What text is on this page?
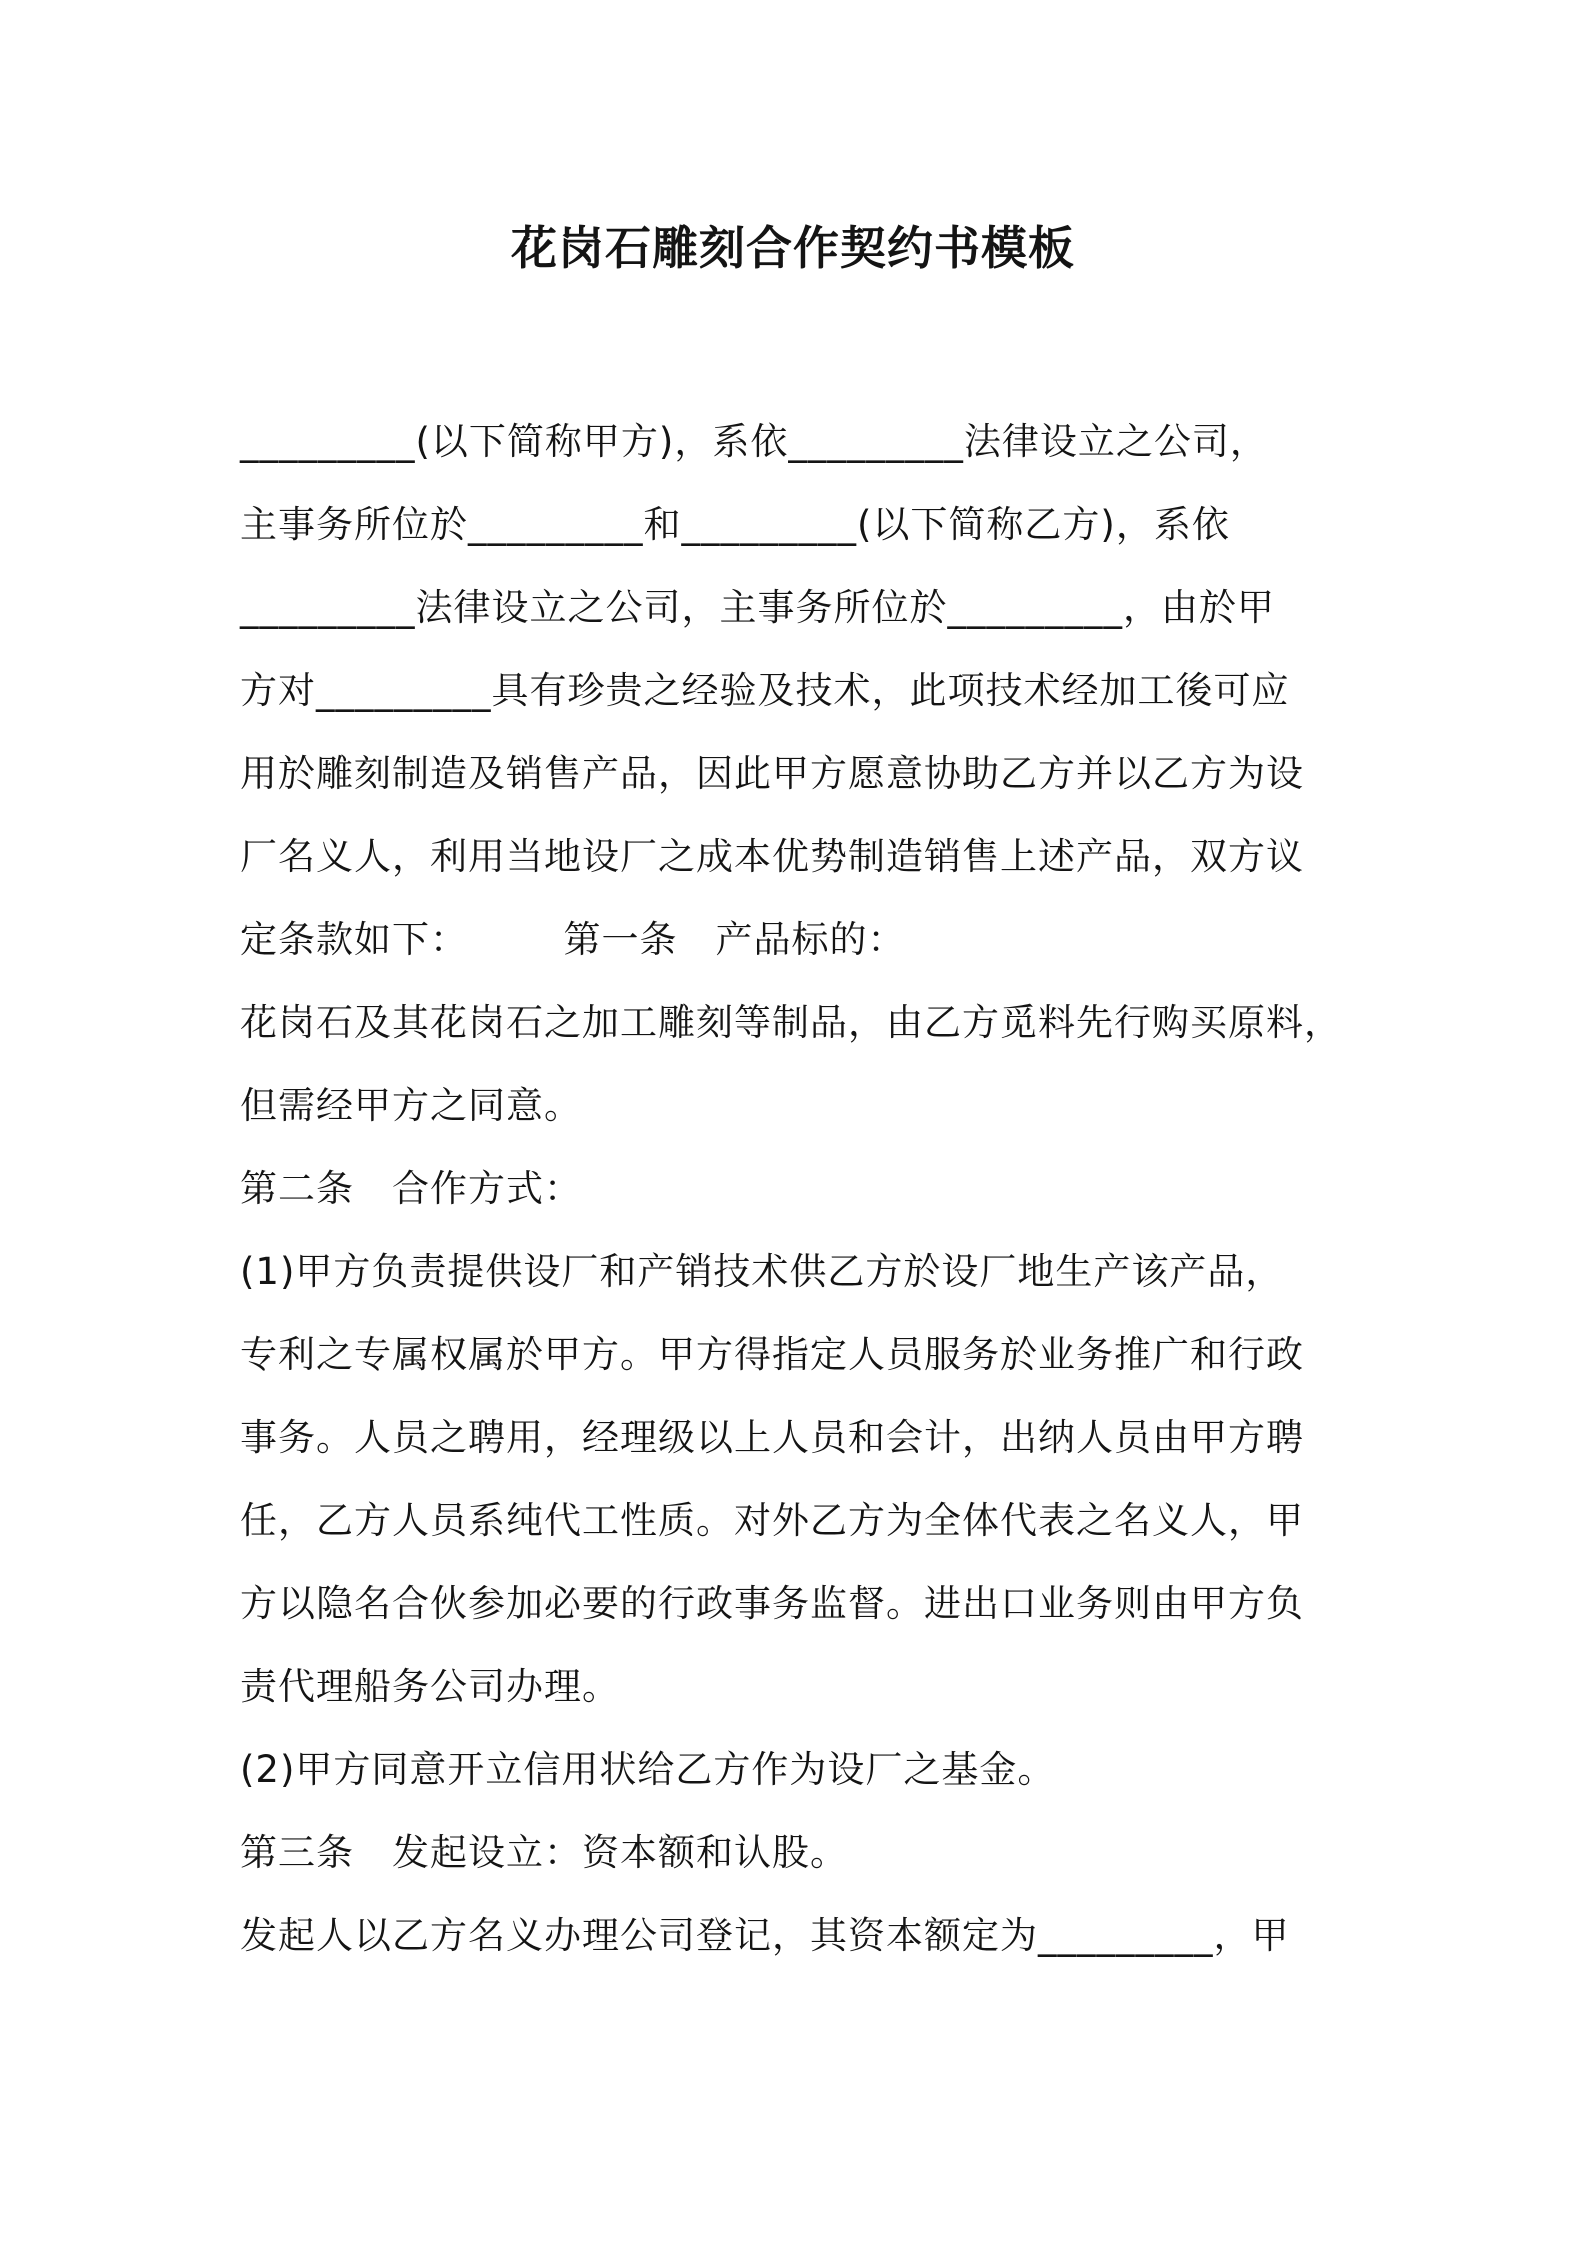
花岗石雕刻合作契约书模板
_________(以下简称甲方)，系依_________法律设立之公司，
主事务所位於_________和_________(以下简称乙方)，系依
_________法律设立之公司，主事务所位於_________，由於甲
方对_________具有珍贵之经验及技术，此项技术经加工後可应
用於雕刻制造及销售产品，因此甲方愿意协助乙方并以乙方为设
厂名义人，利用当地设厂之成本优势制造销售上述产品，双方议
定条款如下：　　　第一条　产品标的：
花岗石及其花岗石之加工雕刻等制品，由乙方觅料先行购买原料，
但需经甲方之同意。
第二条　合作方式：
(1)甲方负责提供设厂和产销技术供乙方於设厂地生产该产品，
专利之专属权属於甲方。甲方得指定人员服务於业务推广和行政
事务。人员之聘用，经理级以上人员和会计，出纳人员由甲方聘
任，乙方人员系纯代工性质。对外乙方为全体代表之名义人，甲
方以隐名合伙参加必要的行政事务监督。进出口业务则由甲方负
责代理船务公司办理。
(2)甲方同意开立信用状给乙方作为设厂之基金。
第三条　发起设立：资本额和认股。
发起人以乙方名义办理公司登记，其资本额定为_________，甲
